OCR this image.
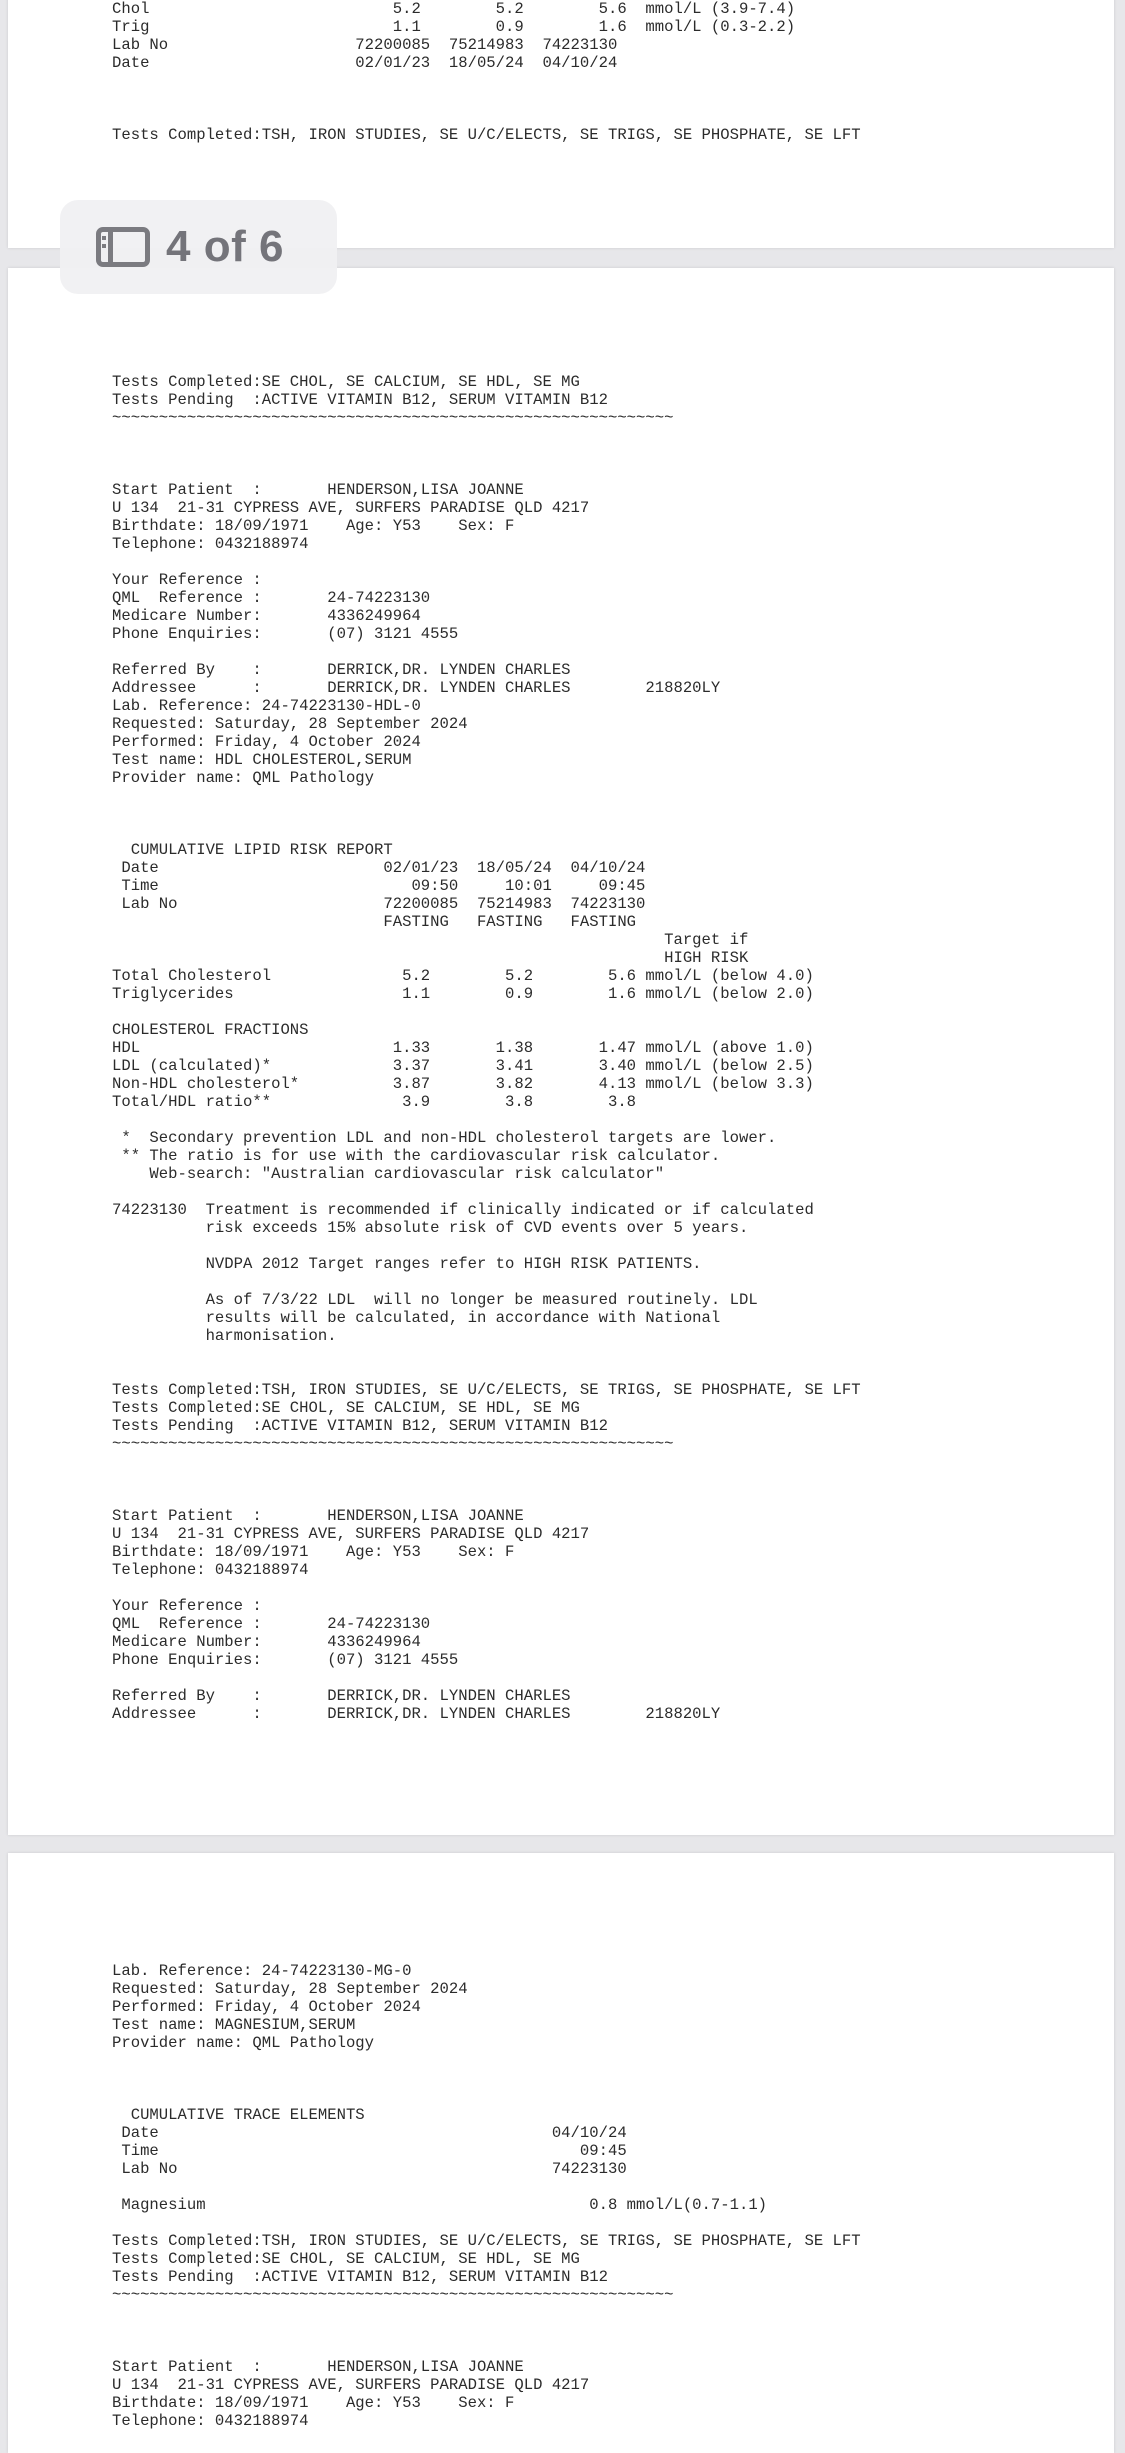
Chol                          5.2        5.2        5.6  mmol/L (3.9-7.4)
Trig                          1.1        0.9        1.6  mmol/L (0.3-2.2)
Lab No                    72200085  75214983  74223130
Date                      02/01/23  18/05/24  04/10/24

Tests Completed:TSH, IRON STUDIES, SE U/C/ELECTS, SE TRIGS, SE PHOSPHATE, SE LFT
4 of 6
Tests Completed:SE CHOL, SE CALCIUM, SE HDL, SE MG
Tests Pending  :ACTIVE VITAMIN B12, SERUM VITAMIN B12
~~~~~~~~~~~~~~~~~~~~~~~~~~~~~~~~~~~~~~~~~~~~~~~~~~~~~~~~~~~~

Start Patient  :       HENDERSON,LISA JOANNE
U 134  21-31 CYPRESS AVE, SURFERS PARADISE QLD 4217
Birthdate: 18/09/1971    Age: Y53    Sex: F
Telephone: 0432188974

Your Reference :
QML  Reference :       24-74223130
Medicare Number:       4336249964
Phone Enquiries:       (07) 3121 4555

Referred By    :       DERRICK,DR. LYNDEN CHARLES
Addressee      :       DERRICK,DR. LYNDEN CHARLES        218820LY
Lab. Reference: 24-74223130-HDL-0
Requested: Saturday, 28 September 2024
Performed: Friday, 4 October 2024
Test name: HDL CHOLESTEROL,SERUM
Provider name: QML Pathology

CUMULATIVE LIPID RISK REPORT
Date                        02/01/23  18/05/24  04/10/24
Time                           09:50     10:01     09:45
Lab No                      72200085  75214983  74223130
FASTING   FASTING   FASTING
Target if
HIGH RISK
Total Cholesterol              5.2        5.2        5.6 mmol/L (below 4.0)
Triglycerides                  1.1        0.9        1.6 mmol/L (below 2.0)

CHOLESTEROL FRACTIONS
HDL                           1.33       1.38       1.47 mmol/L (above 1.0)
LDL (calculated)*             3.37       3.41       3.40 mmol/L (below 2.5)
Non-HDL cholesterol*          3.87       3.82       4.13 mmol/L (below 3.3)
Total/HDL ratio**              3.9        3.8        3.8

*  Secondary prevention LDL and non-HDL cholesterol targets are lower.
** The ratio is for use with the cardiovascular risk calculator.
Web-search: "Australian cardiovascular risk calculator"

74223130  Treatment is recommended if clinically indicated or if calculated
risk exceeds 15% absolute risk of CVD events over 5 years.

NVDPA 2012 Target ranges refer to HIGH RISK PATIENTS.

As of 7/3/22 LDL  will no longer be measured routinely. LDL
results will be calculated, in accordance with National
harmonisation.

Tests Completed:TSH, IRON STUDIES, SE U/C/ELECTS, SE TRIGS, SE PHOSPHATE, SE LFT
Tests Completed:SE CHOL, SE CALCIUM, SE HDL, SE MG
Tests Pending  :ACTIVE VITAMIN B12, SERUM VITAMIN B12
~~~~~~~~~~~~~~~~~~~~~~~~~~~~~~~~~~~~~~~~~~~~~~~~~~~~~~~~~~~~

Start Patient  :       HENDERSON,LISA JOANNE
U 134  21-31 CYPRESS AVE, SURFERS PARADISE QLD 4217
Birthdate: 18/09/1971    Age: Y53    Sex: F
Telephone: 0432188974

Your Reference :
QML  Reference :       24-74223130
Medicare Number:       4336249964
Phone Enquiries:       (07) 3121 4555

Referred By    :       DERRICK,DR. LYNDEN CHARLES
Addressee      :       DERRICK,DR. LYNDEN CHARLES        218820LY
Lab. Reference: 24-74223130-MG-0
Requested: Saturday, 28 September 2024
Performed: Friday, 4 October 2024
Test name: MAGNESIUM,SERUM
Provider name: QML Pathology

CUMULATIVE TRACE ELEMENTS
Date                                          04/10/24
Time                                             09:45
Lab No                                        74223130

Magnesium                                         0.8 mmol/L(0.7-1.1)

Tests Completed:TSH, IRON STUDIES, SE U/C/ELECTS, SE TRIGS, SE PHOSPHATE, SE LFT
Tests Completed:SE CHOL, SE CALCIUM, SE HDL, SE MG
Tests Pending  :ACTIVE VITAMIN B12, SERUM VITAMIN B12
~~~~~~~~~~~~~~~~~~~~~~~~~~~~~~~~~~~~~~~~~~~~~~~~~~~~~~~~~~~~

Start Patient  :       HENDERSON,LISA JOANNE
U 134  21-31 CYPRESS AVE, SURFERS PARADISE QLD 4217
Birthdate: 18/09/1971    Age: Y53    Sex: F
Telephone: 0432188974
